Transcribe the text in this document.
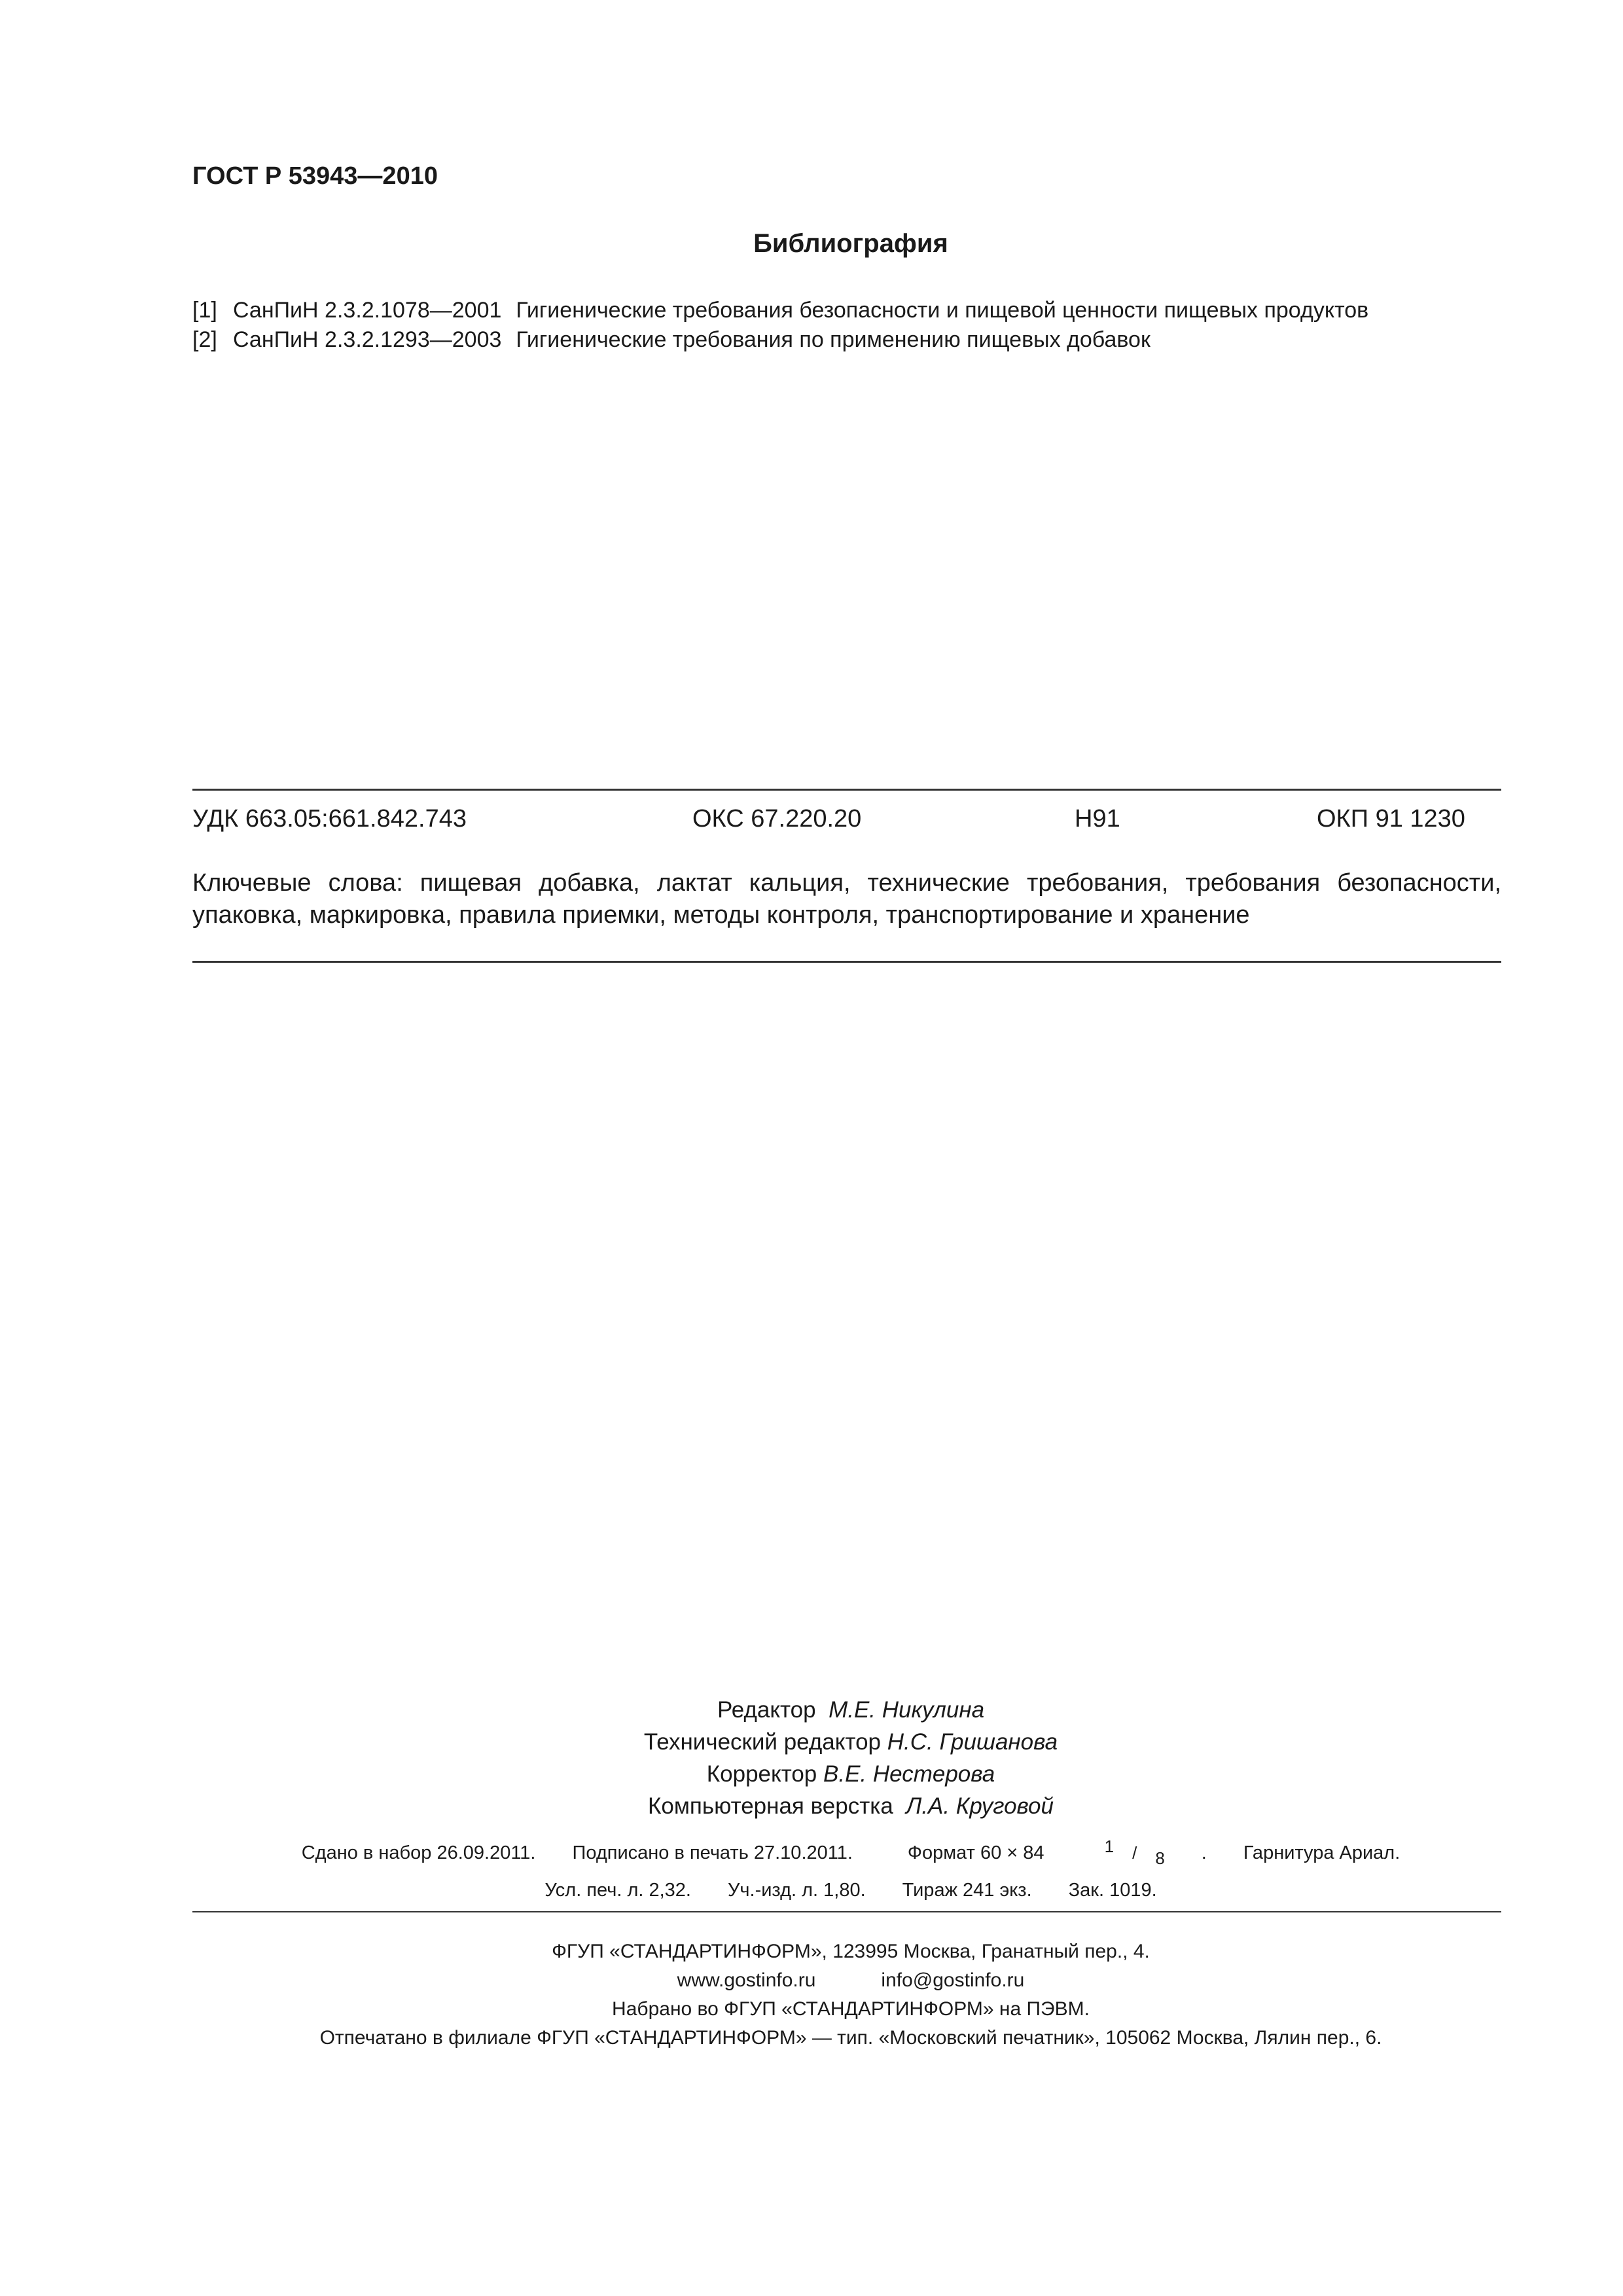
ГОСТ Р 53943—2010
Библиография
[1] СанПиН 2.3.2.1078—2001 Гигиенические требования безопасности и пищевой ценности пищевых продуктов
[2] СанПиН 2.3.2.1293—2003 Гигиенические требования по применению пищевых добавок
УДК 663.05:661.842.743	ОКС 67.220.20	Н91	ОКП 91 1230
Ключевые слова: пищевая добавка, лактат кальция, технические требования, требования безопасности, упаковка, маркировка, правила приемки, методы контроля, транспортирование и хранение
Редактор М.Е. Никулина
Технический редактор Н.С. Гришанова
Корректор В.Е. Нестерова
Компьютерная верстка Л.А. Круговой
Сдано в набор 26.09.2011. Подписано в печать 27.10.2011.	Формат 60 × 84	1 / 8 . Гарнитура Ариал.
Усл. печ. л. 2,32. Уч.-изд. л. 1,80. Тираж 241 экз. Зак. 1019.
ФГУП «СТАНДАРТИНФОРМ», 123995 Москва, Гранатный пер., 4.
www.gostinfo.ru	info@gostinfo.ru
Набрано во ФГУП «СТАНДАРТИНФОРМ» на ПЭВМ.
Отпечатано в филиале ФГУП «СТАНДАРТИНФОРМ» — тип. «Московский печатник», 105062 Москва, Лялин пер., 6.
